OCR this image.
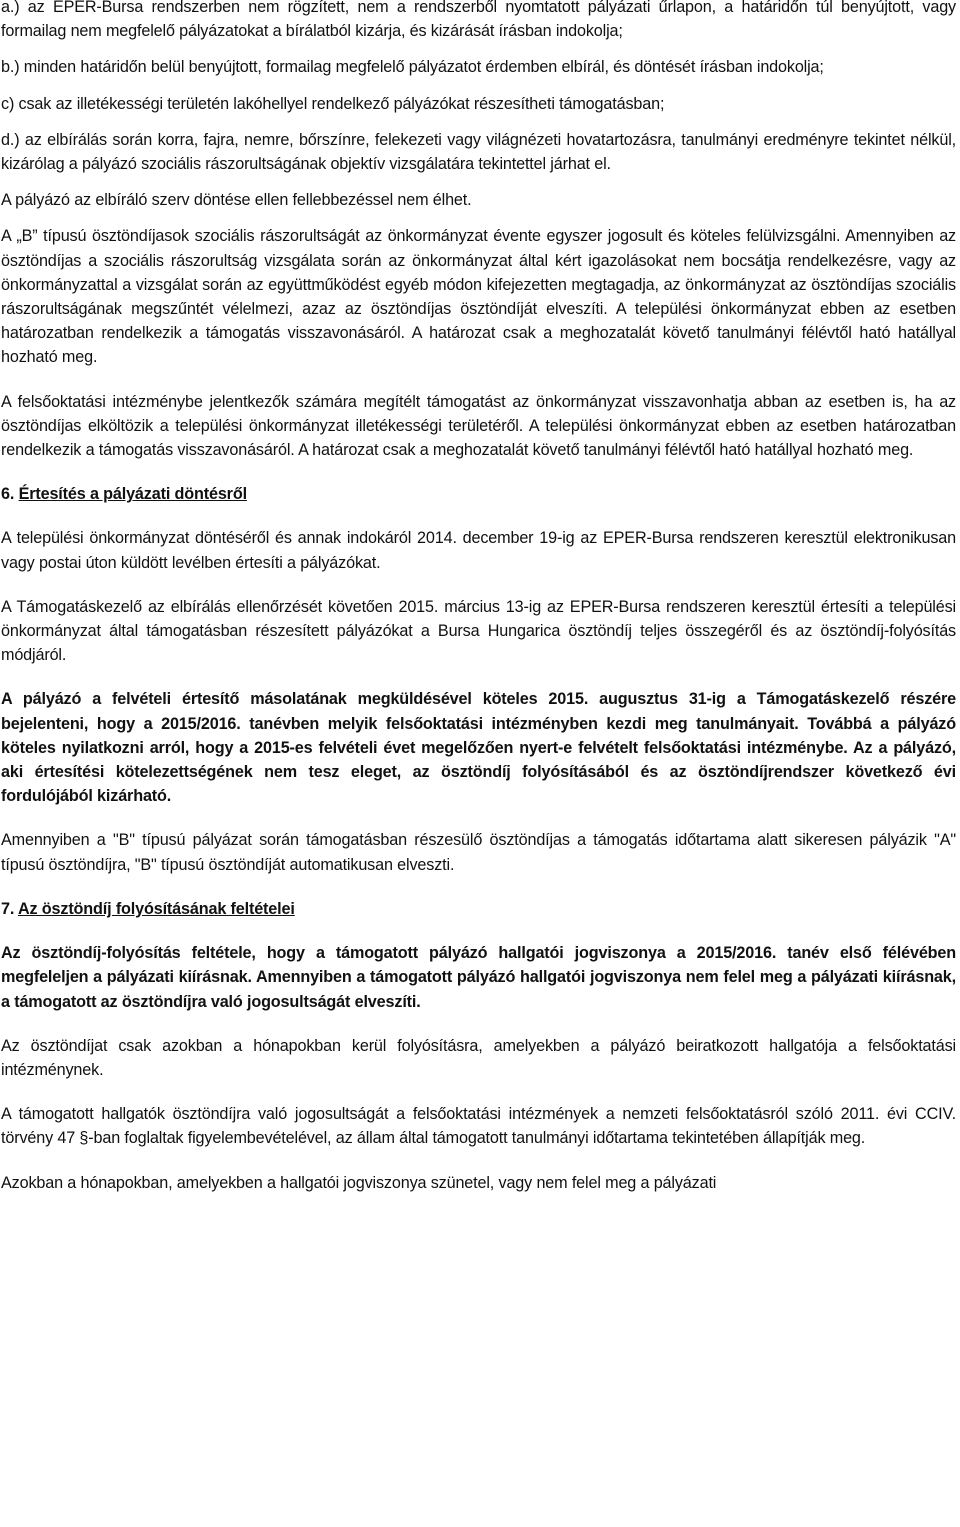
a.) az EPER-Bursa rendszerben nem rögzített, nem a rendszerből nyomtatott pályázati űrlapon, a határidőn túl benyújtott, vagy formailag nem megfelelő pályázatokat a bírálatból kizárja, és kizárását írásban indokolja;

b.) minden határidőn belül benyújtott, formailag megfelelő pályázatot érdemben elbírál, és döntését írásban indokolja;

c) csak az illetékességi területén lakóhellyel rendelkező pályázókat részesítheti támogatásban;

d.) az elbírálás során korra, fajra, nemre, bőrszínre, felekezeti vagy világnézeti hovatartozásra, tanulmányi eredményre tekintet nélkül, kizárólag a pályázó szociális rászorultságának objektív vizsgálatára tekintettel járhat el.

A pályázó az elbíráló szerv döntése ellen fellebbezéssel nem élhet.

A „B” típusú ösztöndíjasok szociális rászorultságát az önkormányzat évente egyszer jogosult és köteles felülvizsgálni. Amennyiben az ösztöndíjas a szociális rászorultság vizsgálata során az önkormányzat által kért igazolásokat nem bocsátja rendelkezésre, vagy az önkormányzattal a vizsgálat során az együttműködést egyéb módon kifejezetten megtagadja, az önkormányzat az ösztöndíjas szociális rászorultságának megszűntét vélelmezi, azaz az ösztöndíjas ösztöndíját elveszíti. A települési önkormányzat ebben az esetben határozatban rendelkezik a támogatás visszavonásáról. A határozat csak a meghozatalát követő tanulmányi félévtől ható hatállyal hozható meg.

A felsőoktatási intézménybe jelentkezők számára megítélt támogatást az önkormányzat visszavonhatja abban az esetben is, ha az ösztöndíjas elköltözik a települési önkormányzat illetékességi területéről. A települési önkormányzat ebben az esetben határozatban rendelkezik a támogatás visszavonásáról. A határozat csak a meghozatalát követő tanulmányi félévtől ható hatállyal hozható meg.

6. Értesítés a pályázati döntésről

A települési önkormányzat döntéséről és annak indokáról 2014. december 19-ig az EPER-Bursa rendszeren keresztül elektronikusan vagy postai úton küldött levélben értesíti a pályázókat.

A Támogatáskezelő az elbírálás ellenőrzését követően 2015. március 13-ig az EPER-Bursa rendszeren keresztül értesíti a települési önkormányzat által támogatásban részesített pályázókat a Bursa Hungarica ösztöndíj teljes összegéről és az ösztöndíj-folyósítás módjáról.

A pályázó a felvételi értesítő másolatának megküldésével köteles 2015. augusztus 31-ig a Támogatáskezelő részére bejelenteni, hogy a 2015/2016. tanévben melyik felsőoktatási intézményben kezdi meg tanulmányait. Továbbá a pályázó köteles nyilatkozni arról, hogy a 2015-es felvételi évet megelőzően nyert-e felvételt felsőoktatási intézménybe. Az a pályázó, aki értesítési kötelezettségének nem tesz eleget, az ösztöndíj folyósításából és az ösztöndíjrendszer következő évi fordulójából kizárható.

Amennyiben a "B" típusú pályázat során támogatásban részesülő ösztöndíjas a támogatás időtartama alatt sikeresen pályázik "A" típusú ösztöndíjra, "B" típusú ösztöndíját automatikusan elveszti.

7. Az ösztöndíj folyósításának feltételei

Az ösztöndíj-folyósítás feltétele, hogy a támogatott pályázó hallgatói jogviszonya a 2015/2016. tanév első félévében megfeleljen a pályázati kiírásnak. Amennyiben a támogatott pályázó hallgatói jogviszonya nem felel meg a pályázati kiírásnak, a támogatott az ösztöndíjra való jogosultságát elveszíti.

Az ösztöndíjat csak azokban a hónapokban kerül folyósításra, amelyekben a pályázó beiratkozott hallgatója a felsőoktatási intézménynek.

A támogatott hallgatók ösztöndíjra való jogosultságát a felsőoktatási intézmények a nemzeti felsőoktatásról szóló 2011. évi CCIV. törvény 47 §-ban foglaltak figyelembevételével, az állam által támogatott tanulmányi időtartama tekintetében állapítják meg.

Azokban a hónapokban, amelyekben a hallgatói jogviszonya szünetel, vagy nem felel meg a pályázati
